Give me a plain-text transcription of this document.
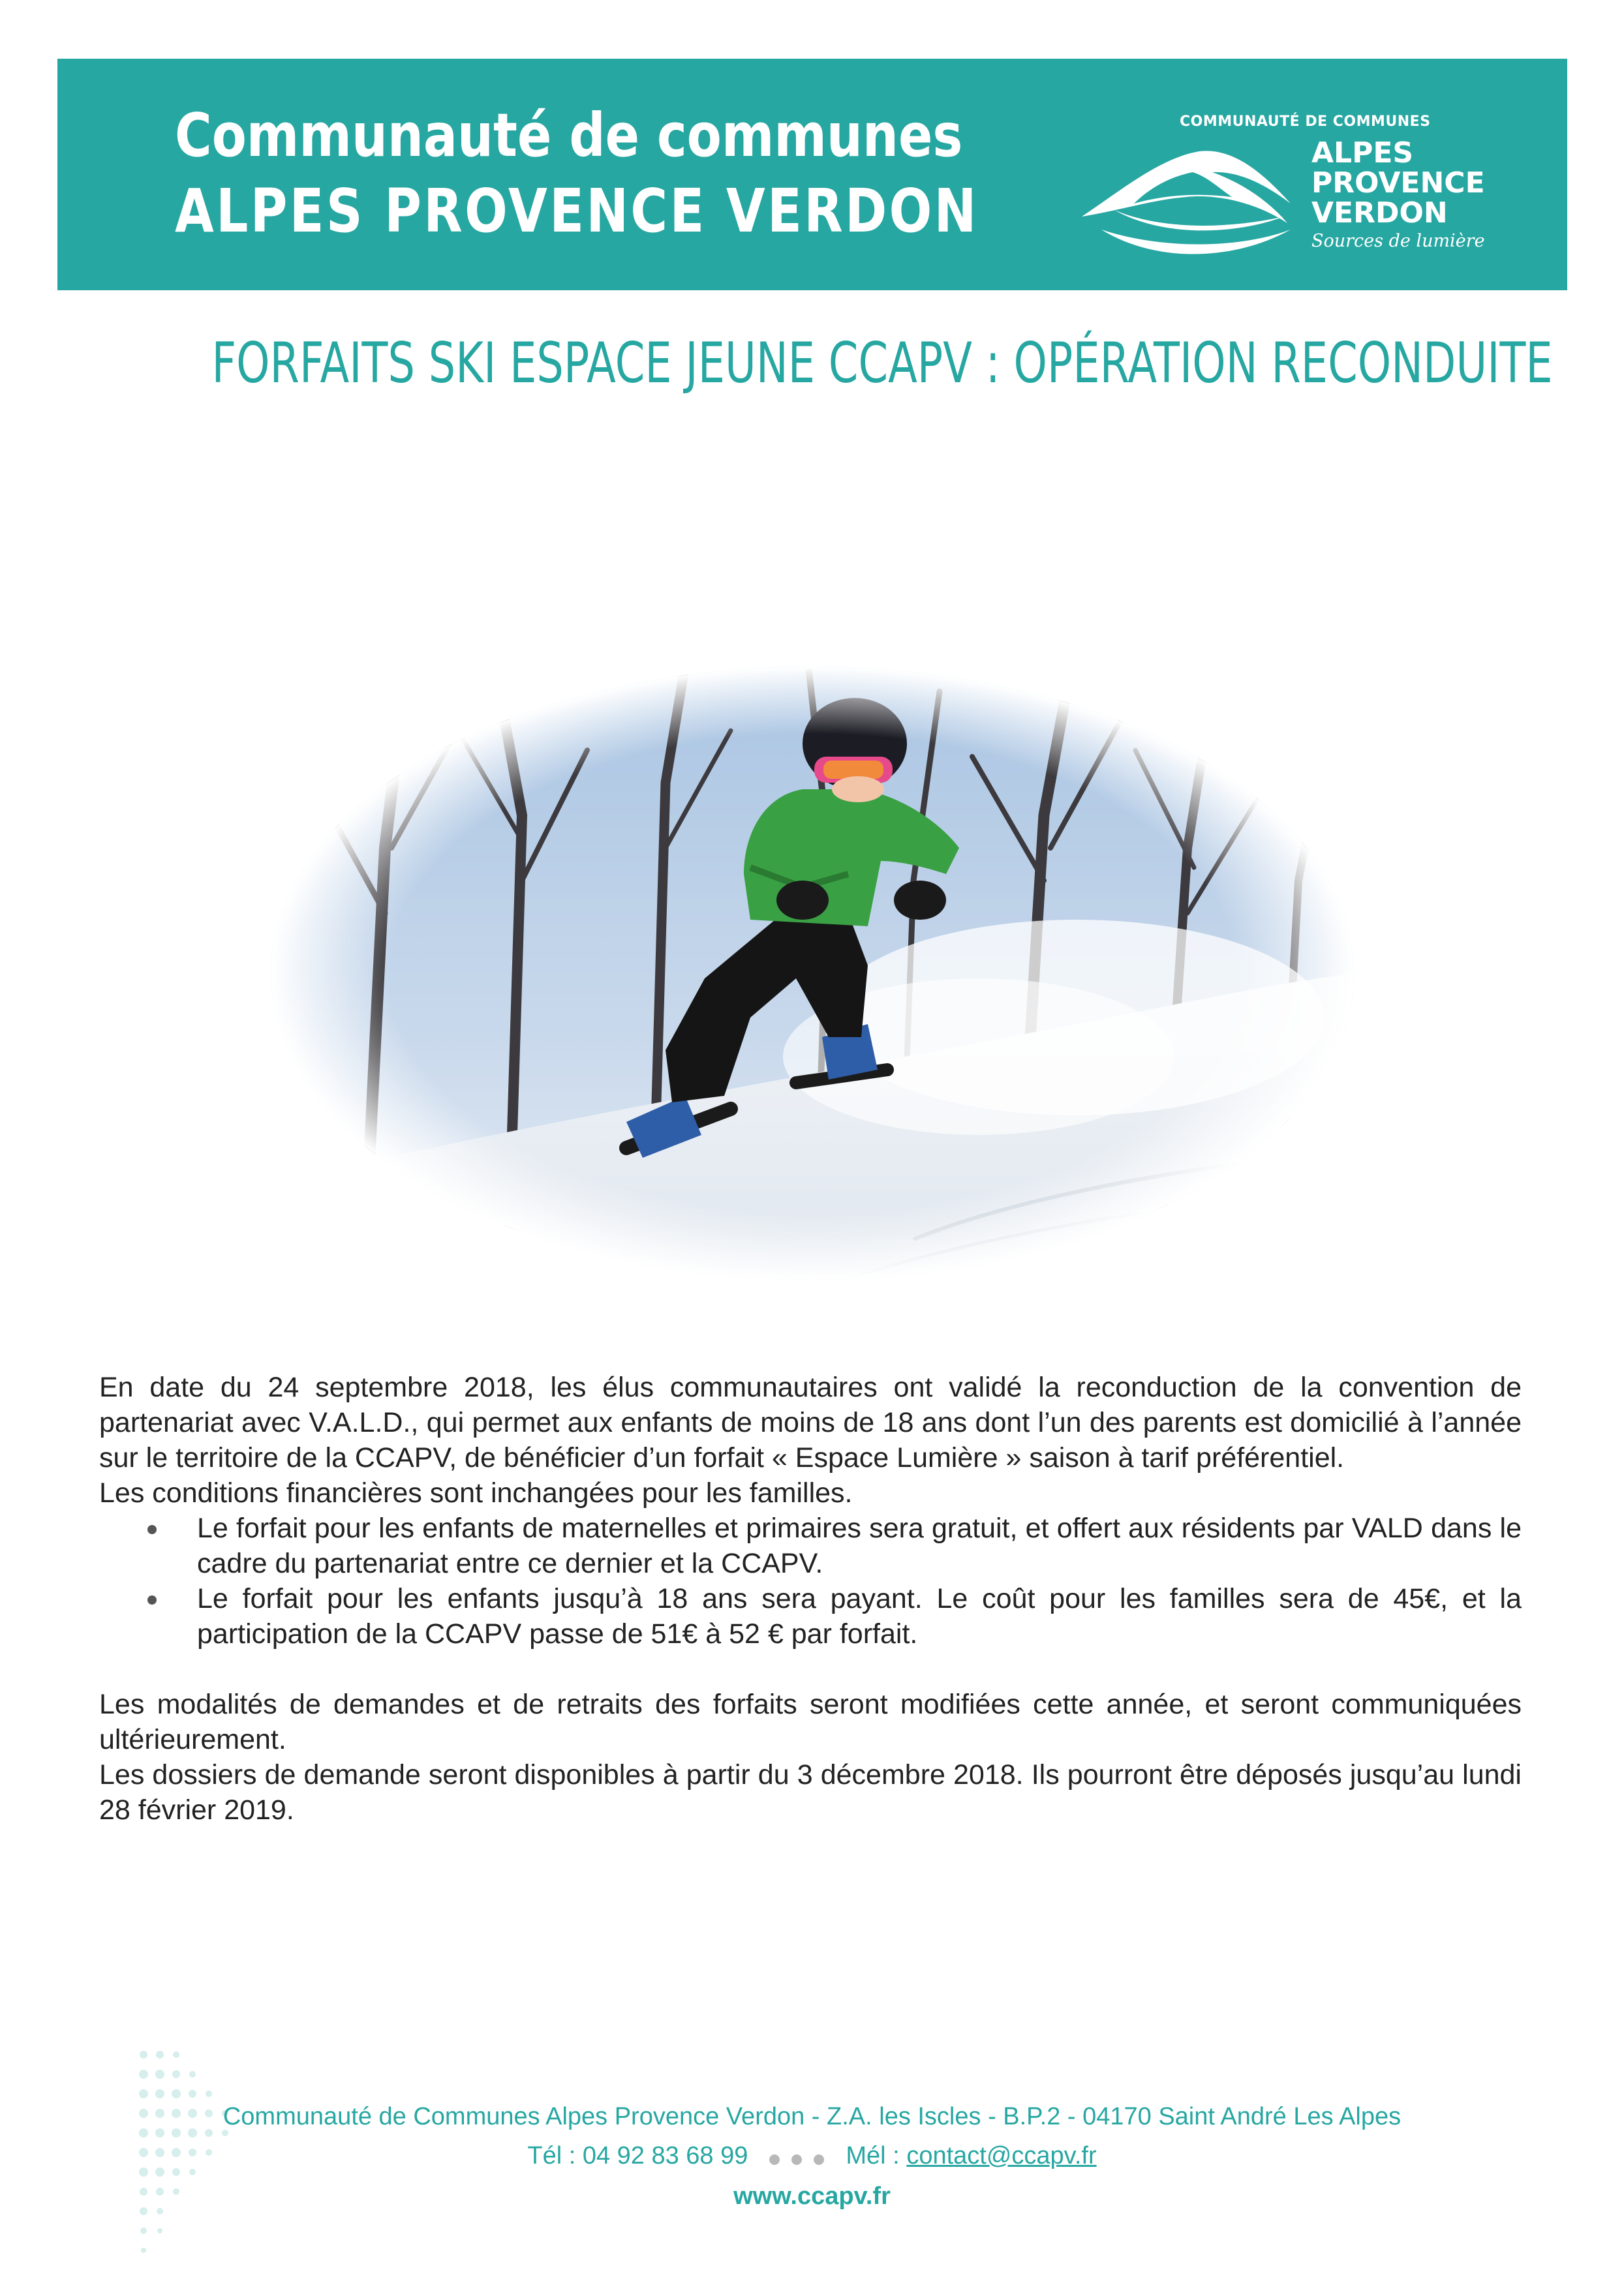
Communauté de communes
ALPES PROVENCE VERDON
COMMUNAUTÉ DE COMMUNES
ALPES
PROVENCE
VERDON
Sources de lumière
FORFAITS SKI ESPACE JEUNE CCAPV : OPÉRATION RECONDUITE

En date du 24 septembre 2018, les élus communautaires ont validé la reconduction de la convention de partenariat avec V.A.L.D., qui permet aux enfants de moins de 18 ans dont l’un des parents est domicilié à l’année sur le territoire de la CCAPV, de bénéficier d’un forfait « Espace Lumière » saison à tarif préférentiel.

Les conditions financières sont inchangées pour les familles.

Le forfait pour les enfants de maternelles et primaires sera gratuit, et offert aux résidents par VALD dans le cadre du partenariat entre ce dernier et la CCAPV.
Le forfait pour les enfants jusqu’à 18 ans sera payant. Le coût pour les familles sera de 45€, et la participation de la CCAPV passe de 51€ à 52 € par forfait.

Les modalités de demandes et de retraits des forfaits seront modifiées cette année, et seront communiquées ultérieurement.

Les dossiers de demande seront disponibles à partir du 3 décembre 2018. Ils pourront être déposés jusqu’au lundi 28 février 2019.

Communauté de Communes Alpes Provence Verdon - Z.A. les Iscles - B.P.2 - 04170 Saint André Les Alpes
Tél : 04 92 83 68 99	Mél : contact@ccapv.fr
www.ccapv.fr
